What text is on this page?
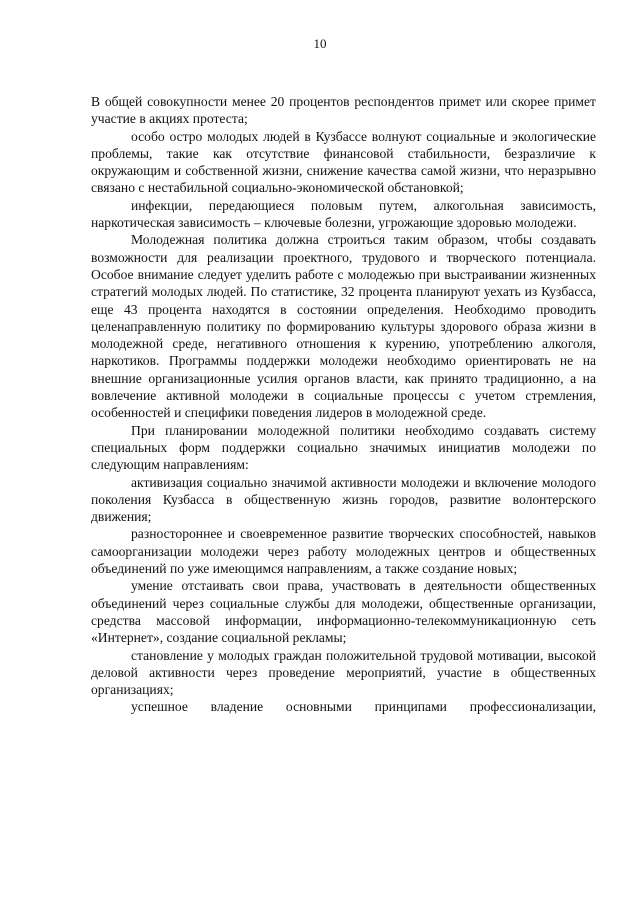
10

В общей совокупности менее 20 процентов респондентов примет или скорее примет участие в акциях протеста;

особо остро молодых людей в Кузбассе волнуют социальные и экологические проблемы, такие как отсутствие финансовой стабильности, безразличие к окружающим и собственной жизни, снижение качества самой жизни, что неразрывно связано с нестабильной социально-экономической обстановкой;

инфекции, передающиеся половым путем, алкогольная зависимость, наркотическая зависимость – ключевые болезни, угрожающие здоровью молодежи.

Молодежная политика должна строиться таким образом, чтобы создавать возможности для реализации проектного, трудового и творческого потенциала. Особое внимание следует уделить работе с молодежью при выстраивании жизненных стратегий молодых людей. По статистике, 32 процента планируют уехать из Кузбасса, еще 43 процента находятся в состоянии определения. Необходимо проводить целенаправленную политику по формированию культуры здорового образа жизни в молодежной среде, негативного отношения к курению, употреблению алкоголя, наркотиков. Программы поддержки молодежи необходимо ориентировать не на внешние организационные усилия органов власти, как принято традиционно, а на вовлечение активной молодежи в социальные процессы с учетом стремления, особенностей и специфики поведения лидеров в молодежной среде.

При планировании молодежной политики необходимо создавать систему специальных форм поддержки социально значимых инициатив молодежи по следующим направлениям:

активизация социально значимой активности молодежи и включение молодого поколения Кузбасса в общественную жизнь городов, развитие волонтерского движения;

разностороннее и своевременное развитие творческих способностей, навыков самоорганизации молодежи через работу молодежных центров и общественных объединений по уже имеющимся направлениям, а также создание новых;

умение отстаивать свои права, участвовать в деятельности общественных объединений через социальные службы для молодежи, общественные организации, средства массовой информации, информационно-телекоммуникационную сеть «Интернет», создание социальной рекламы;

становление у молодых граждан положительной трудовой мотивации, высокой деловой активности через проведение мероприятий, участие в общественных организациях;

успешное владение основными принципами профессионализации,
